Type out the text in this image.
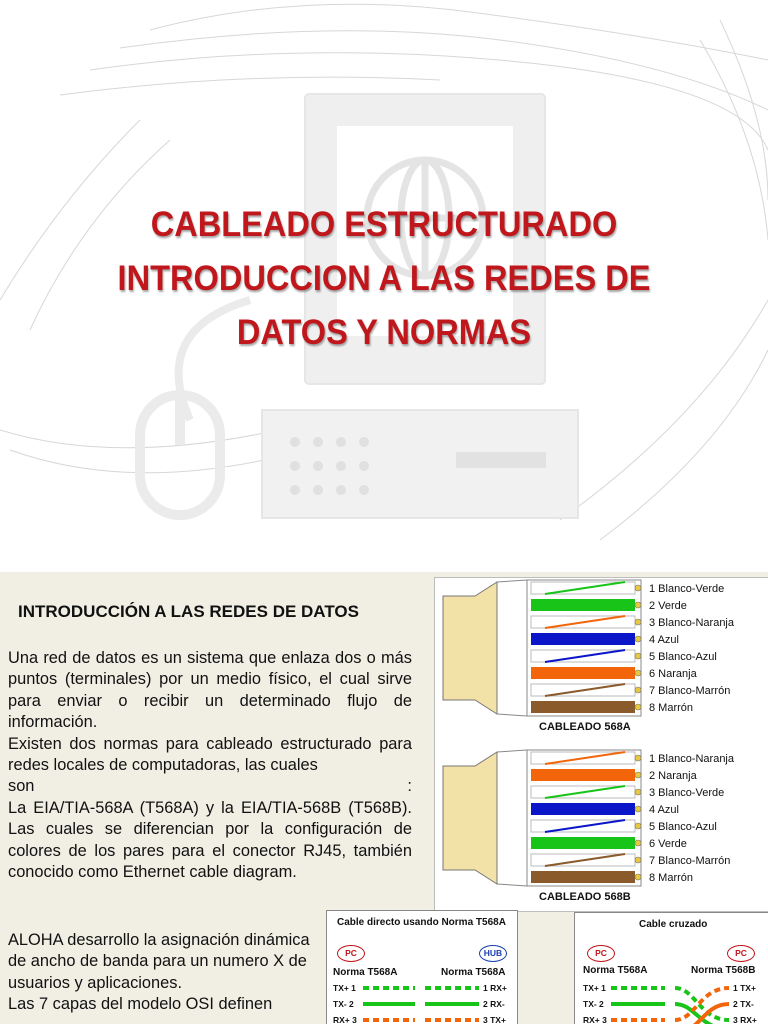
CABLEADO ESTRUCTURADO
INTRODUCCION A LAS REDES DE
DATOS Y NORMAS
INTRODUCCIÓN A LAS REDES DE DATOS

Una red de datos es un sistema que enlaza dos o más puntos (terminales) por un medio físico, el cual sirve para enviar o recibir un determinado flujo de información.

Existen dos normas para cableado estructurado para redes locales de computadoras, las cuales

son :

La EIA/TIA-568A (T568A) y la EIA/TIA-568B (T568B). Las cuales se diferencian por la configuración de colores de los pares para el conector RJ45, también conocido como Ethernet cable diagram.

ALOHA desarrollo la asignación dinámica de ancho de banda para un numero X de usuarios y aplicaciones.

Las 7 capas del modelo OSI definen

1 Blanco-Verde
2 Verde
3 Blanco-Naranja
4 Azul
5 Blanco-Azul
6 Naranja
7 Blanco-Marrón
8 Marrón
CABLEADO 568A
1 Blanco-Naranja
2 Naranja
3 Blanco-Verde
4 Azul
5 Blanco-Azul
6 Verde
7 Blanco-Marrón
8 Marrón
CABLEADO 568B
Cable directo usando Norma T568A
PC	HUB
Norma T568A	Norma T568A
TX+ 1
TX- 2
RX+ 3
1 RX+
2 RX-
3 TX+
Cable cruzado
PC	PC
Norma T568A	Norma T568B
TX+ 1
TX- 2
RX+ 3
1 TX+
2 TX-
3 RX+
